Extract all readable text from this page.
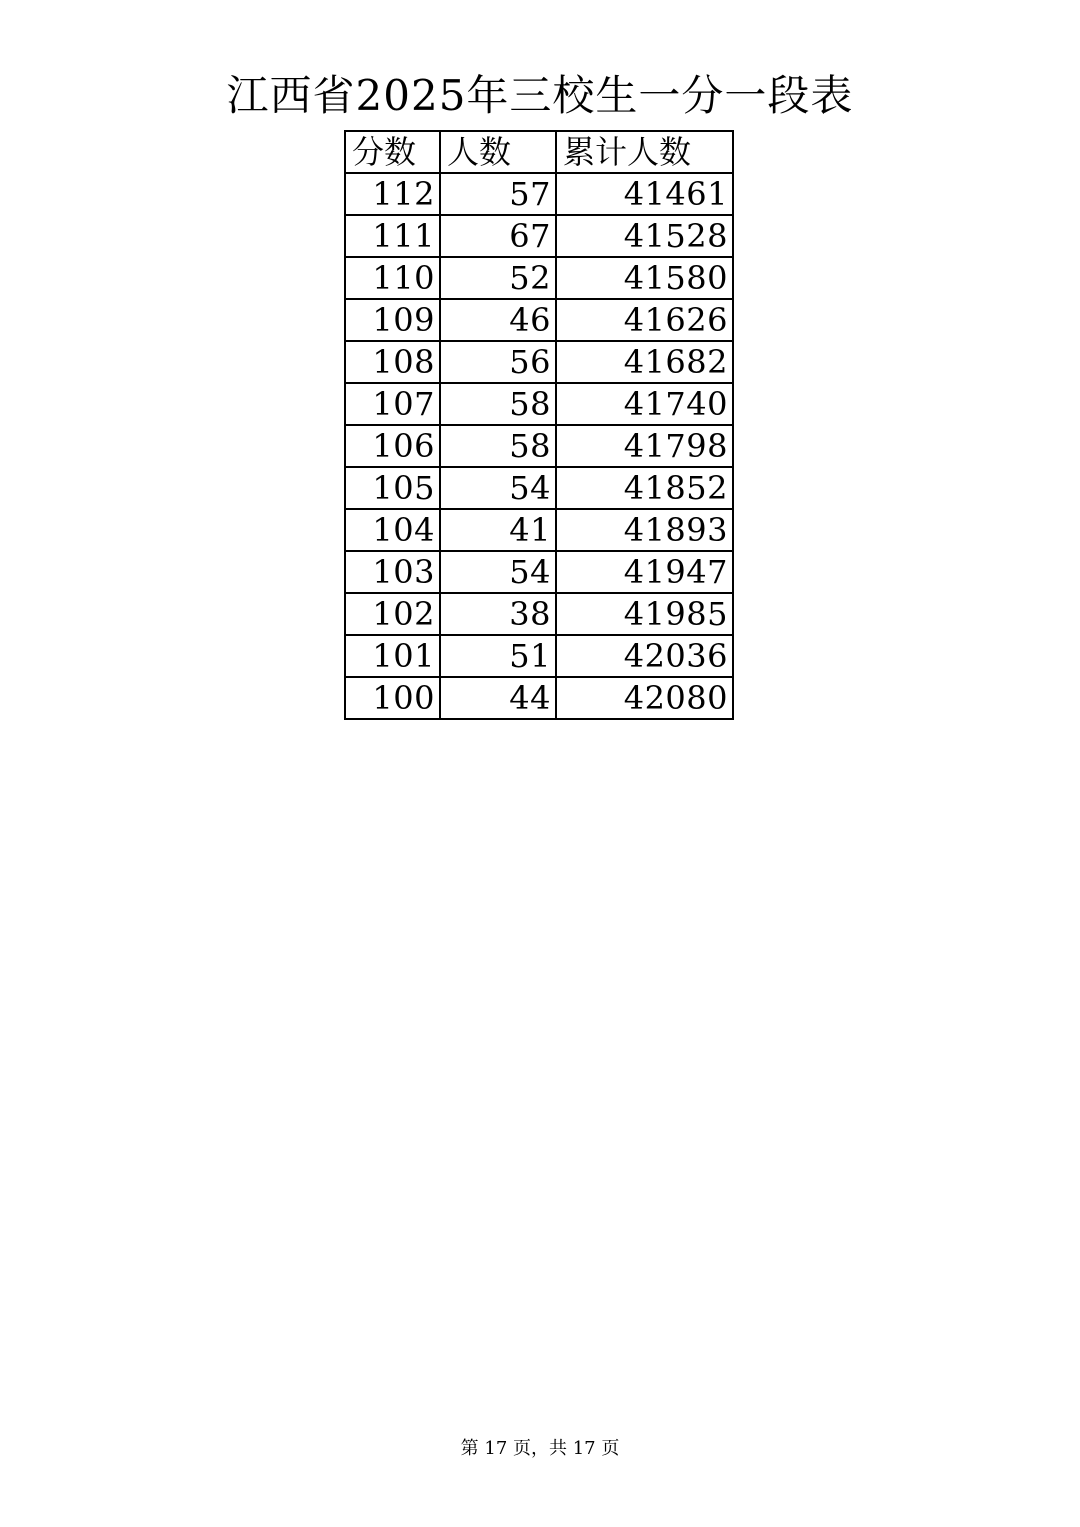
江西省2025年三校生一分一段表
分数	人数	累计人数
112	57	41461
111	67	41528
110	52	41580
109	46	41626
108	56	41682
107	58	41740
106	58	41798
105	54	41852
104	41	41893
103	54	41947
102	38	41985
101	51	42036
100	44	42080
第 17 页，共 17 页
